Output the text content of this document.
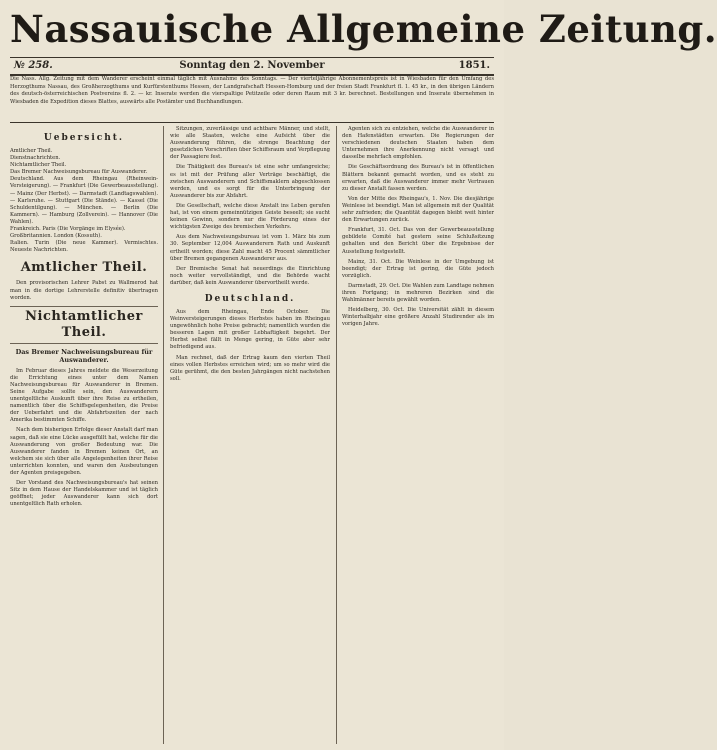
Nassauische Allgemeine Zeitung.
№ 258.	Sonntag den 2. November	1851.
Die Nass. Allg. Zeitung mit dem Wanderer erscheint einmal täglich mit Ausnahme des Sonntags. — Der vierteljährige Abonnementspreis ist in Wiesbaden für den Umfang des Herzogthums Nassau, des Großherzogthums und Kurfürstenthums Hessen, der Landgrafschaft Hessen-Homburg und der freien Stadt Frankfurt fl. 1. 45 kr., in den übrigen Ländern des deutsch-österreichischen Postvereins fl. 2. — kr. Inserate werden die vierspaltige Petitzeile oder deren Raum mit 3 kr. berechnet. Bestellungen und Inserate übernehmen in Wiesbaden die Expedition dieses Blattes, auswärts alle Postämter und Buchhandlungen.
Uebersicht.

Amtlicher Theil.

Dienstnachrichten.

Nichtamtlicher Theil.

Das Bremer Nachweisungsbureau für Auswanderer.

Deutschland. Aus dem Rheingau (Rheinwein-Versteigerung). — Frankfurt (Die Gewerbeausstellung). — Mainz (Der Herbst). — Darmstadt (Landtagswahlen). — Karlsruhe. — Stuttgart (Die Stände). — Kassel (Die Schuldentilgung). — München. — Berlin (Die Kammern). — Hamburg (Zollverein). — Hannover (Die Wahlen).

Frankreich. Paris (Die Vorgänge im Elysée).

Großbritannien. London (Kossuth).

Italien. Turin (Die neue Kammer). Vermischtes. Neueste Nachrichten.

Amtlicher Theil.

Den provisorischen Lehrer Pabst zu Wallmerod hat man in die dortige Lehrerstelle definitiv übertragen worden.

Nichtamtlicher Theil.
Das Bremer Nachweisungsbureau für Auswanderer.

Im Februar dieses Jahres meldete die Weserzeitung die Errichtung eines unter dem Namen Nachweisungsbureau für Auswanderer in Bremen. Seine Aufgabe sollte sein, den Auswanderern unentgeltliche Auskunft über ihre Reise zu ertheilen, namentlich über die Schiffsgelegenheiten, die Preise der Ueberfahrt und die Abfahrtszeiten der nach Amerika bestimmten Schiffe.

Nach dem bisherigen Erfolge dieser Anstalt darf man sagen, daß sie eine Lücke ausgefüllt hat, welche für die Auswanderung von großer Bedeutung war. Die Auswanderer fanden in Bremen keinen Ort, an welchem sie sich über alle Angelegenheiten ihrer Reise unterrichten konnten, und waren den Ausbeutungen der Agenten preisgegeben.

Der Vorstand des Nachweisungsbureau's hat seinen Sitz in dem Hause der Handelskammer und ist täglich geöffnet; jeder Auswanderer kann sich dort unentgeltlich Rath erholen.

Sitzungen, zuverlässige und achtbare Männer, und stellt, wie alle Staaten, welche eine Aufsicht über die Auswanderung führen, die strenge Beachtung der gesetzlichen Vorschriften über Schiffsraum und Verpflegung der Passagiere fest.

Die Thätigkeit des Bureau's ist eine sehr umfangreiche; es ist mit der Prüfung aller Verträge beschäftigt, die zwischen Auswanderern und Schiffsmaklern abgeschlossen werden, und es sorgt für die Unterbringung der Auswanderer bis zur Abfahrt.

Die Gesellschaft, welche diese Anstalt ins Leben gerufen hat, ist von einem gemeinnützigen Geiste beseelt; sie sucht keinen Gewinn, sondern nur die Förderung eines der wichtigsten Zweige des bremischen Verkehrs.

Aus dem Nachweisungsbureau ist vom 1. März bis zum 30. September 12,004 Auswanderern Rath und Auskunft ertheilt worden; diese Zahl macht 45 Procent sämmtlicher über Bremen gegangenen Auswanderer aus.

Der Bremische Senat hat neuerdings die Einrichtung noch weiter vervollständigt, und die Behörde wacht darüber, daß kein Auswanderer übervortheilt werde.

Deutschland.

Aus dem Rheingau, Ende October. Die Weinversteigerungen dieses Herbstes haben im Rheingau ungewöhnlich hohe Preise gebracht; namentlich wurden die besseren Lagen mit großer Lebhaftigkeit begehrt. Der Herbst selbst fällt in Menge gering, in Güte aber sehr befriedigend aus.

Man rechnet, daß der Ertrag kaum den vierten Theil eines vollen Herbstes erreichen wird; um so mehr wird die Güte gerühmt, die den besten Jahrgängen nicht nachstehen soll.

Agenten sich zu entziehen, welche die Auswanderer in den Hafenstädten erwarten. Die Regierungen der verschiedenen deutschen Staaten haben dem Unternehmen ihre Anerkennung nicht versagt und dasselbe mehrfach empfohlen.

Die Geschäftsordnung des Bureau's ist in öffentlichen Blättern bekannt gemacht worden, und es steht zu erwarten, daß die Auswanderer immer mehr Vertrauen zu dieser Anstalt fassen werden.

Von der Mitte des Rheingau's, 1. Nov. Die diesjährige Weinlese ist beendigt. Man ist allgemein mit der Qualität sehr zufrieden; die Quantität dagegen bleibt weit hinter den Erwartungen zurück.

Frankfurt, 31. Oct. Das von der Gewerbeausstellung gebildete Comité hat gestern seine Schlußsitzung gehalten und den Bericht über die Ergebnisse der Ausstellung festgestellt.

Mainz, 31. Oct. Die Weinlese in der Umgebung ist beendigt; der Ertrag ist gering, die Güte jedoch vorzüglich.

Darmstadt, 29. Oct. Die Wahlen zum Landtage nehmen ihren Fortgang; in mehreren Bezirken sind die Wahlmänner bereits gewählt worden.

Heidelberg, 30. Oct. Die Universität zählt in diesem Winterhalbjahr eine größere Anzahl Studirender als im vorigen Jahre.
